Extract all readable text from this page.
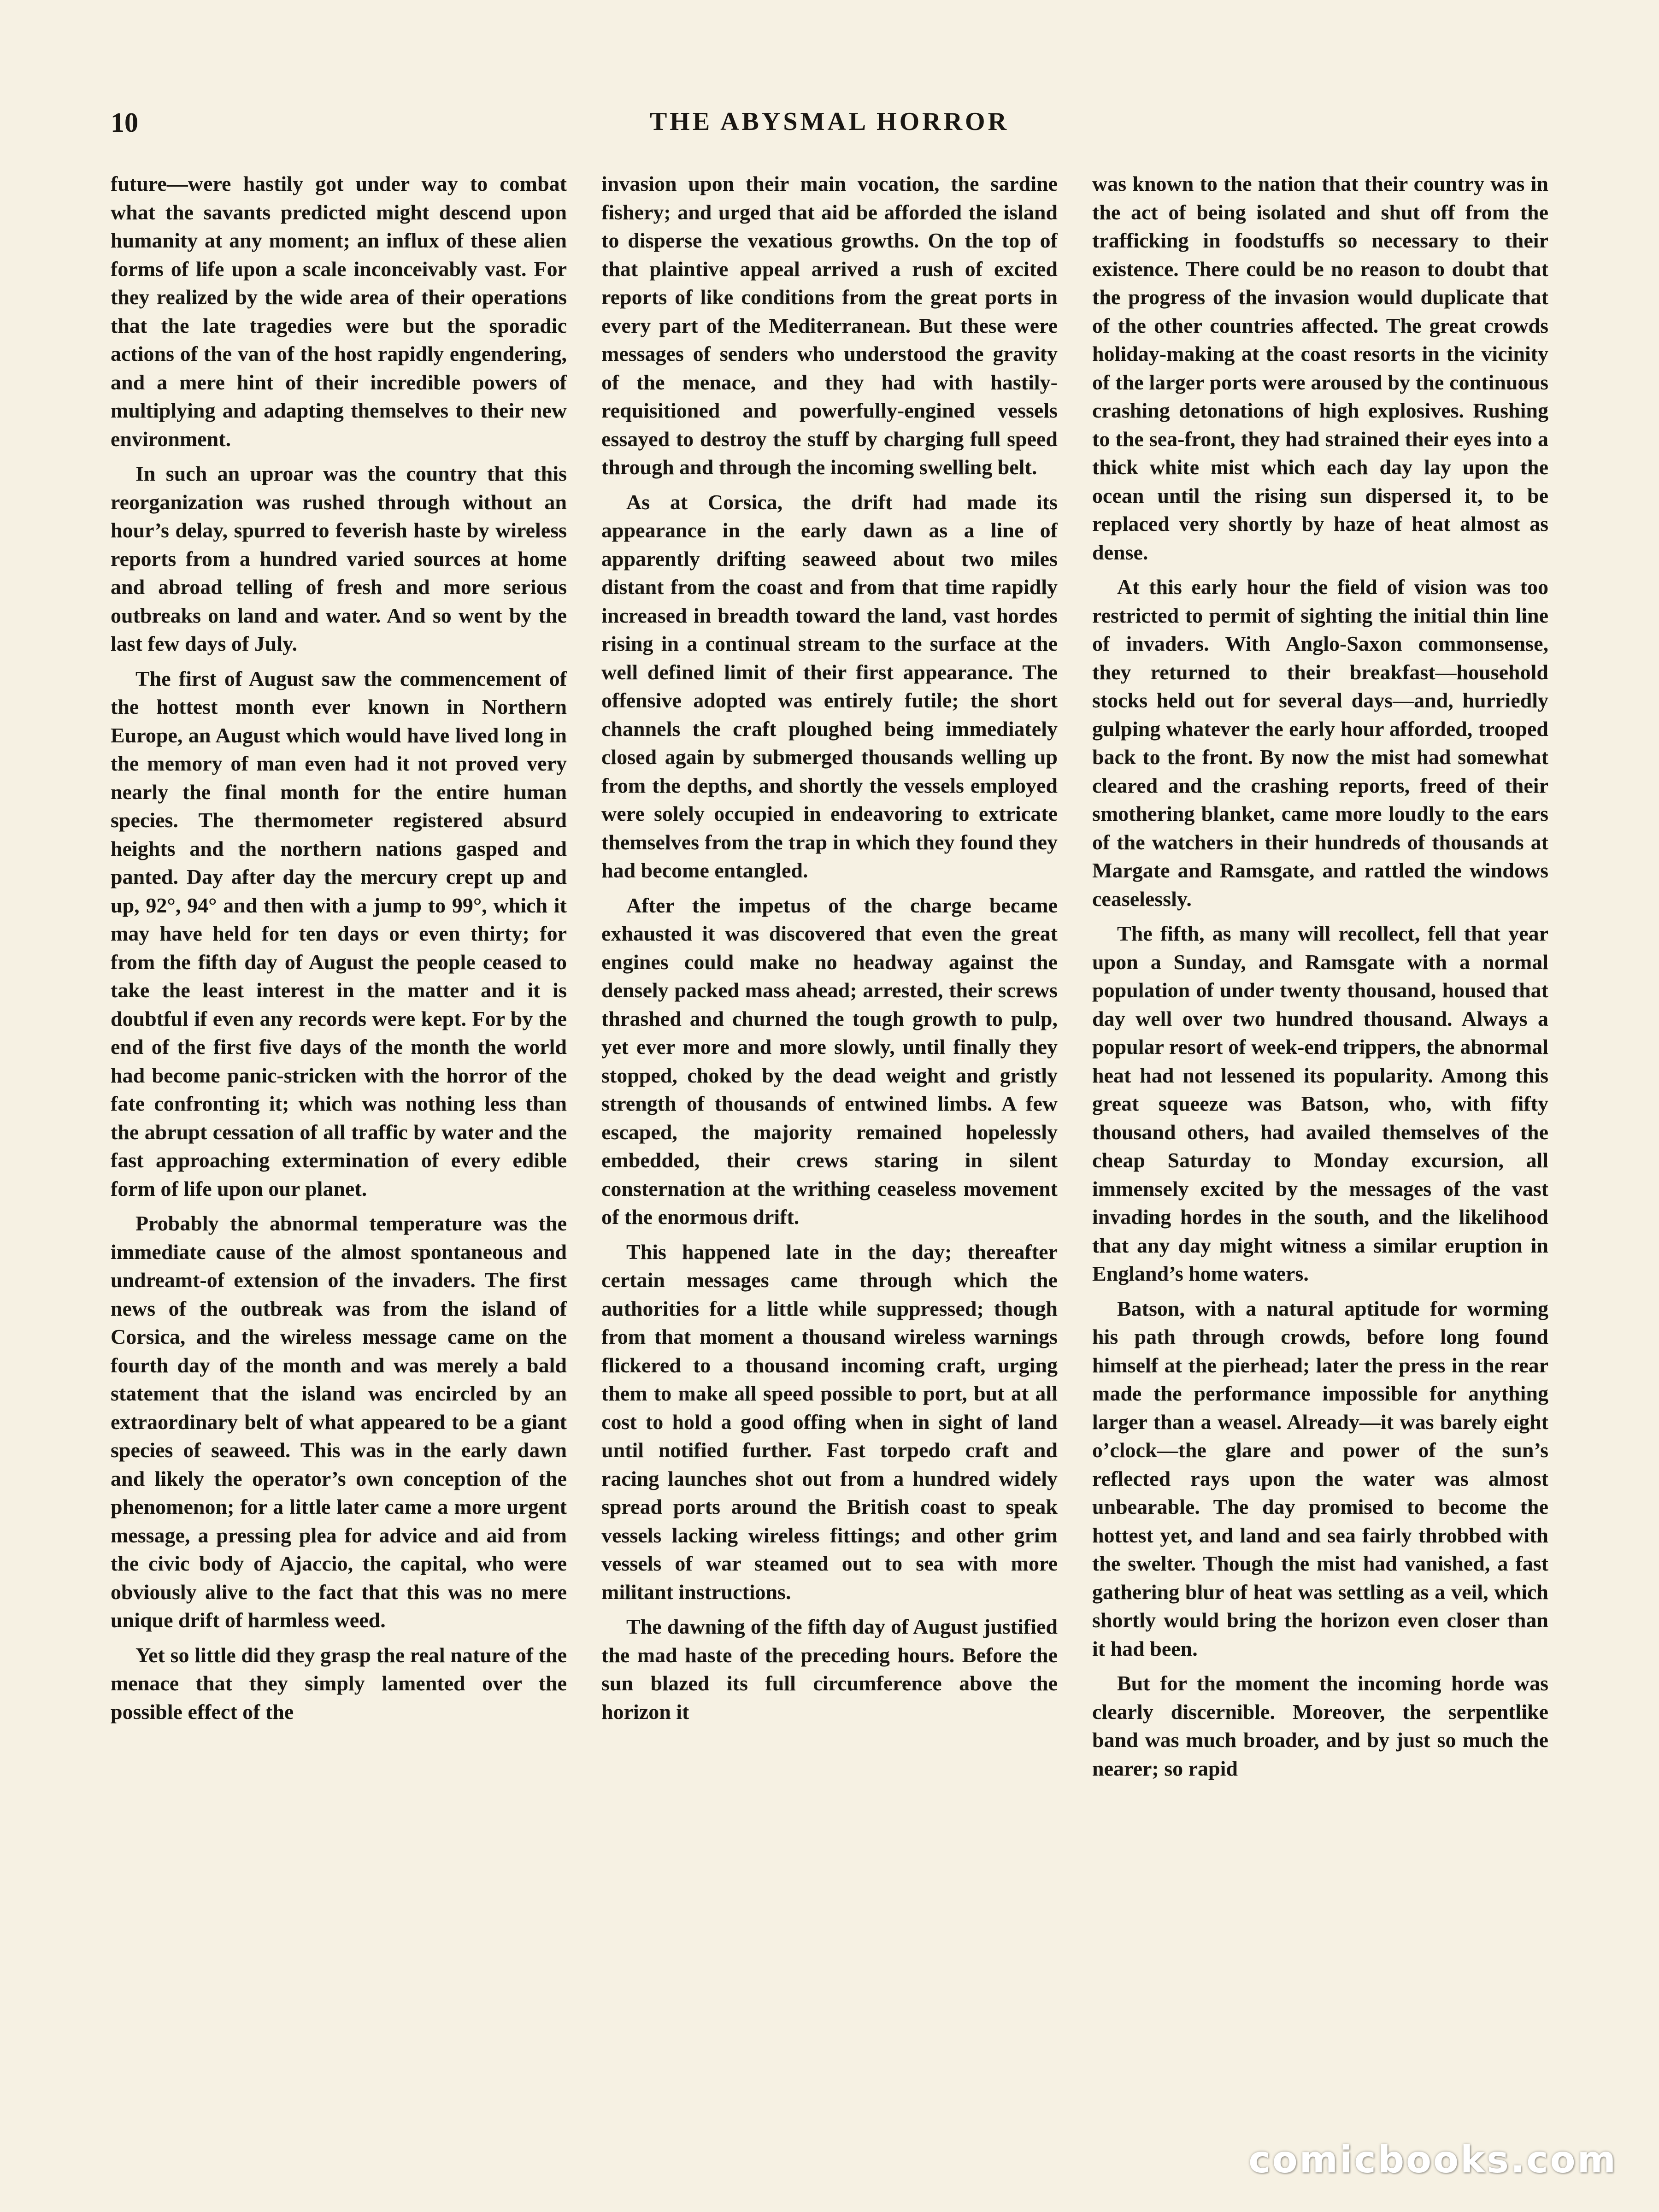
10	THE ABYSMAL HORROR

future—were hastily got under way to combat what the savants predicted might descend upon humanity at any moment; an influx of these alien forms of life upon a scale inconceivably vast. For they realized by the wide area of their operations that the late tragedies were but the sporadic actions of the van of the host rapidly engendering, and a mere hint of their incredible powers of multiplying and adapting themselves to their new environment.

In such an uproar was the country that this reorganization was rushed through without an hour’s delay, spurred to feverish haste by wireless reports from a hundred varied sources at home and abroad telling of fresh and more serious outbreaks on land and water. And so went by the last few days of July.

The first of August saw the commencement of the hottest month ever known in Northern Europe, an August which would have lived long in the memory of man even had it not proved very nearly the final month for the entire human species. The thermometer registered absurd heights and the northern nations gasped and panted. Day after day the mercury crept up and up, 92°, 94° and then with a jump to 99°, which it may have held for ten days or even thirty; for from the fifth day of August the people ceased to take the least interest in the matter and it is doubtful if even any records were kept. For by the end of the first five days of the month the world had become panic-stricken with the horror of the fate confronting it; which was nothing less than the abrupt cessation of all traffic by water and the fast approaching extermination of every edible form of life upon our planet.

Probably the abnormal temperature was the immediate cause of the almost spontaneous and undreamt-of extension of the invaders. The first news of the outbreak was from the island of Corsica, and the wireless message came on the fourth day of the month and was merely a bald statement that the island was encircled by an extraordinary belt of what appeared to be a giant species of seaweed. This was in the early dawn and likely the operator’s own conception of the phenomenon; for a little later came a more urgent message, a pressing plea for advice and aid from the civic body of Ajaccio, the capital, who were obviously alive to the fact that this was no mere unique drift of harmless weed.

Yet so little did they grasp the real nature of the menace that they simply lamented over the possible effect of the

invasion upon their main vocation, the sardine fishery; and urged that aid be afforded the island to disperse the vexatious growths. On the top of that plaintive appeal arrived a rush of excited reports of like conditions from the great ports in every part of the Mediterranean. But these were messages of senders who understood the gravity of the menace, and they had with hastily-requisitioned and powerfully-engined vessels essayed to destroy the stuff by charging full speed through and through the incoming swelling belt.

As at Corsica, the drift had made its appearance in the early dawn as a line of apparently drifting seaweed about two miles distant from the coast and from that time rapidly increased in breadth toward the land, vast hordes rising in a continual stream to the surface at the well defined limit of their first appearance. The offensive adopted was entirely futile; the short channels the craft ploughed being immediately closed again by submerged thousands welling up from the depths, and shortly the vessels employed were solely occupied in endeavoring to extricate themselves from the trap in which they found they had become entangled.

After the impetus of the charge became exhausted it was discovered that even the great engines could make no headway against the densely packed mass ahead; arrested, their screws thrashed and churned the tough growth to pulp, yet ever more and more slowly, until finally they stopped, choked by the dead weight and gristly strength of thousands of entwined limbs. A few escaped, the majority remained hopelessly embedded, their crews staring in silent consternation at the writhing ceaseless movement of the enormous drift.

This happened late in the day; thereafter certain messages came through which the authorities for a little while suppressed; though from that moment a thousand wireless warnings flickered to a thousand incoming craft, urging them to make all speed possible to port, but at all cost to hold a good offing when in sight of land until notified further. Fast torpedo craft and racing launches shot out from a hundred widely spread ports around the British coast to speak vessels lacking wireless fittings; and other grim vessels of war steamed out to sea with more militant instructions.

The dawning of the fifth day of August justified the mad haste of the preceding hours. Before the sun blazed its full circumference above the horizon it

was known to the nation that their country was in the act of being isolated and shut off from the trafficking in foodstuffs so necessary to their existence. There could be no reason to doubt that the progress of the invasion would duplicate that of the other countries affected. The great crowds holiday-making at the coast resorts in the vicinity of the larger ports were aroused by the continuous crashing detonations of high explosives. Rushing to the sea-front, they had strained their eyes into a thick white mist which each day lay upon the ocean until the rising sun dispersed it, to be replaced very shortly by haze of heat almost as dense.

At this early hour the field of vision was too restricted to permit of sighting the initial thin line of invaders. With Anglo-Saxon commonsense, they returned to their breakfast—household stocks held out for several days—and, hurriedly gulping whatever the early hour afforded, trooped back to the front. By now the mist had somewhat cleared and the crashing reports, freed of their smothering blanket, came more loudly to the ears of the watchers in their hundreds of thousands at Margate and Ramsgate, and rattled the windows ceaselessly.

The fifth, as many will recollect, fell that year upon a Sunday, and Ramsgate with a normal population of under twenty thousand, housed that day well over two hundred thousand. Always a popular resort of week-end trippers, the abnormal heat had not lessened its popularity. Among this great squeeze was Batson, who, with fifty thousand others, had availed themselves of the cheap Saturday to Monday excursion, all immensely excited by the messages of the vast invading hordes in the south, and the likelihood that any day might witness a similar eruption in England’s home waters.

Batson, with a natural aptitude for worming his path through crowds, before long found himself at the pierhead; later the press in the rear made the performance impossible for anything larger than a weasel. Already—it was barely eight o’clock—the glare and power of the sun’s reflected rays upon the water was almost unbearable. The day promised to become the hottest yet, and land and sea fairly throbbed with the swelter. Though the mist had vanished, a fast gathering blur of heat was settling as a veil, which shortly would bring the horizon even closer than it had been.

But for the moment the incoming horde was clearly discernible. Moreover, the serpentlike band was much broader, and by just so much the nearer; so rapid

comicbooks.com
